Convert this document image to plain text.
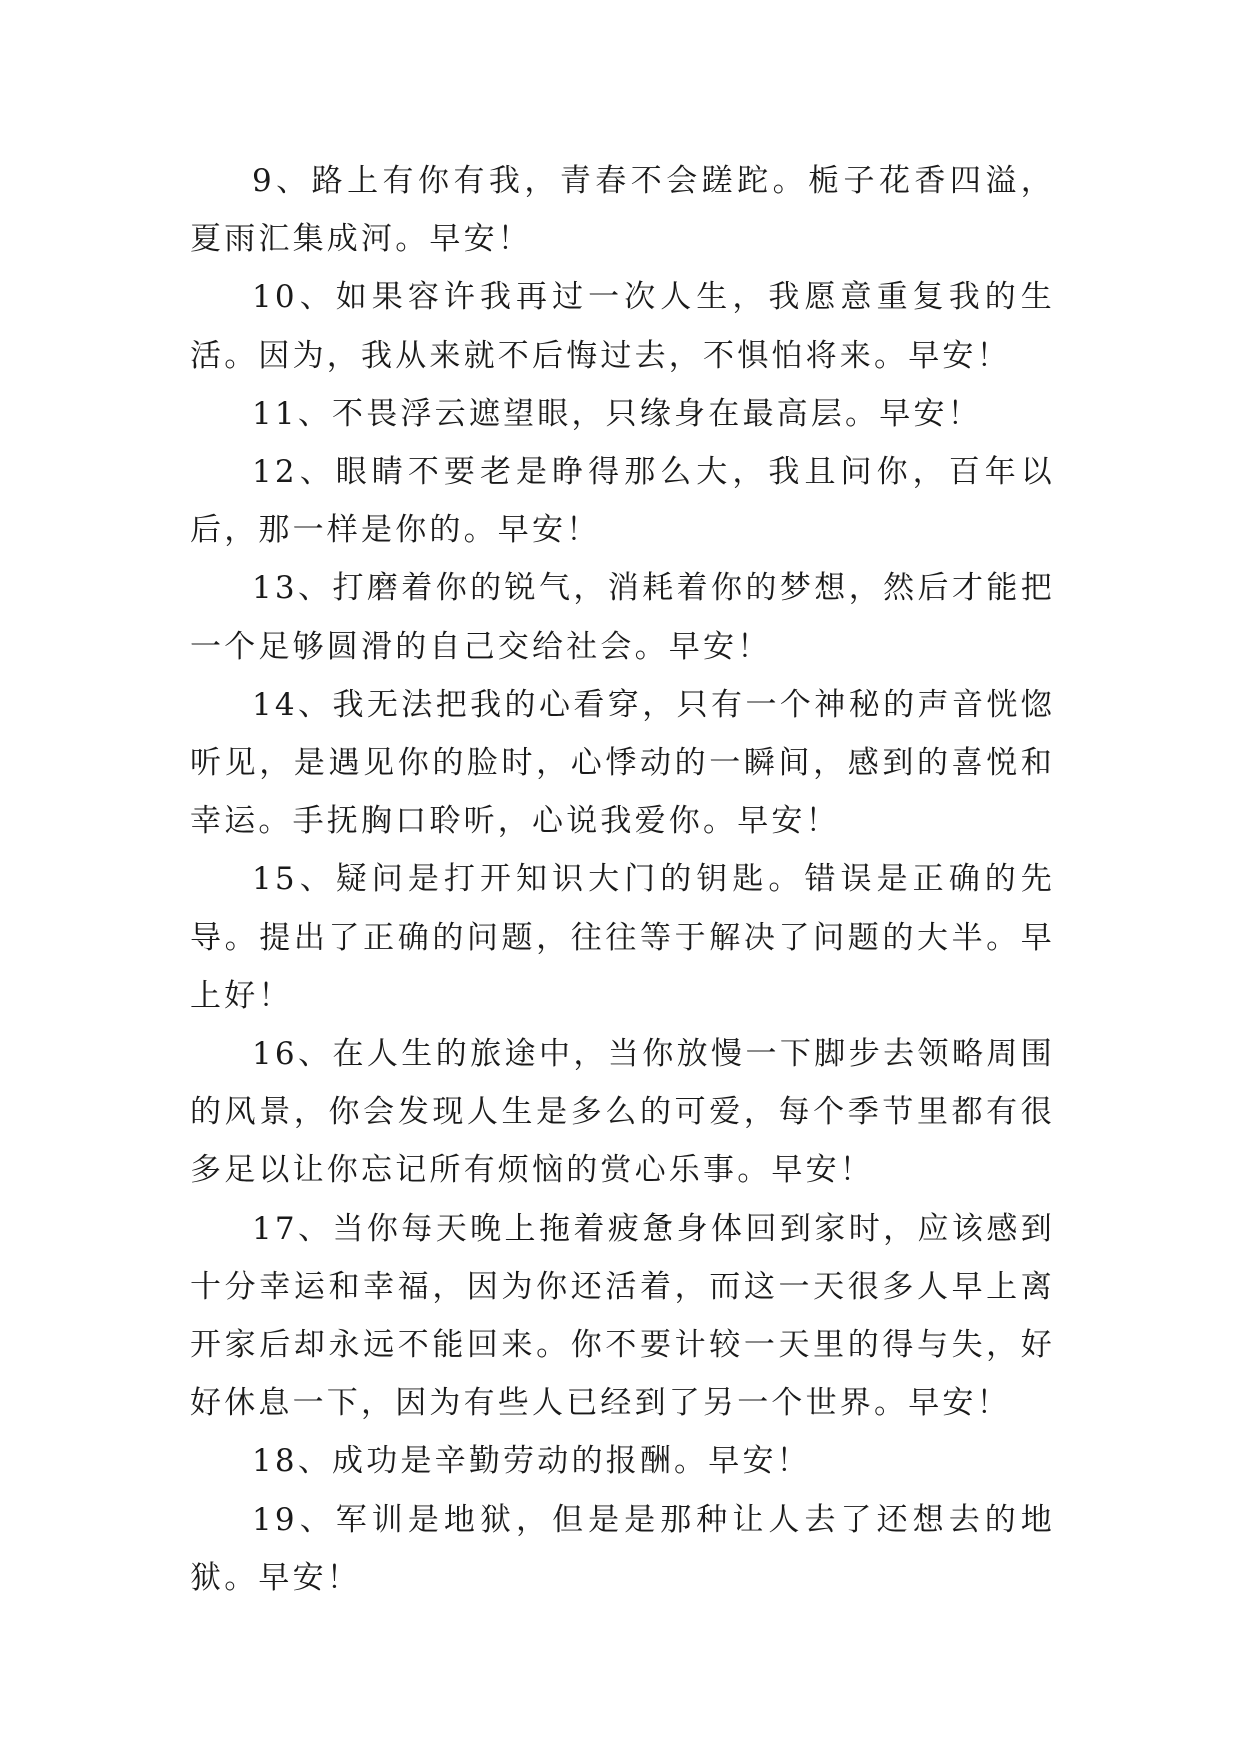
9、路上有你有我，青春不会蹉跎。栀子花香四溢，夏雨汇集成河。早安！

10、如果容许我再过一次人生，我愿意重复我的生活。因为，我从来就不后悔过去，不惧怕将来。早安！

11、不畏浮云遮望眼，只缘身在最高层。早安！

12、眼睛不要老是睁得那么大，我且问你，百年以后，那一样是你的。早安！

13、打磨着你的锐气，消耗着你的梦想，然后才能把一个足够圆滑的自己交给社会。早安！

14、我无法把我的心看穿，只有一个神秘的声音恍惚听见，是遇见你的脸时，心悸动的一瞬间，感到的喜悦和幸运。手抚胸口聆听，心说我爱你。早安！

15、疑问是打开知识大门的钥匙。错误是正确的先导。提出了正确的问题，往往等于解决了问题的大半。早上好！

16、在人生的旅途中，当你放慢一下脚步去领略周围的风景，你会发现人生是多么的可爱，每个季节里都有很多足以让你忘记所有烦恼的赏心乐事。早安！

17、当你每天晚上拖着疲惫身体回到家时，应该感到十分幸运和幸福，因为你还活着，而这一天很多人早上离开家后却永远不能回来。你不要计较一天里的得与失，好好休息一下，因为有些人已经到了另一个世界。早安！

18、成功是辛勤劳动的报酬。早安！

19、军训是地狱，但是是那种让人去了还想去的地狱。早安！
